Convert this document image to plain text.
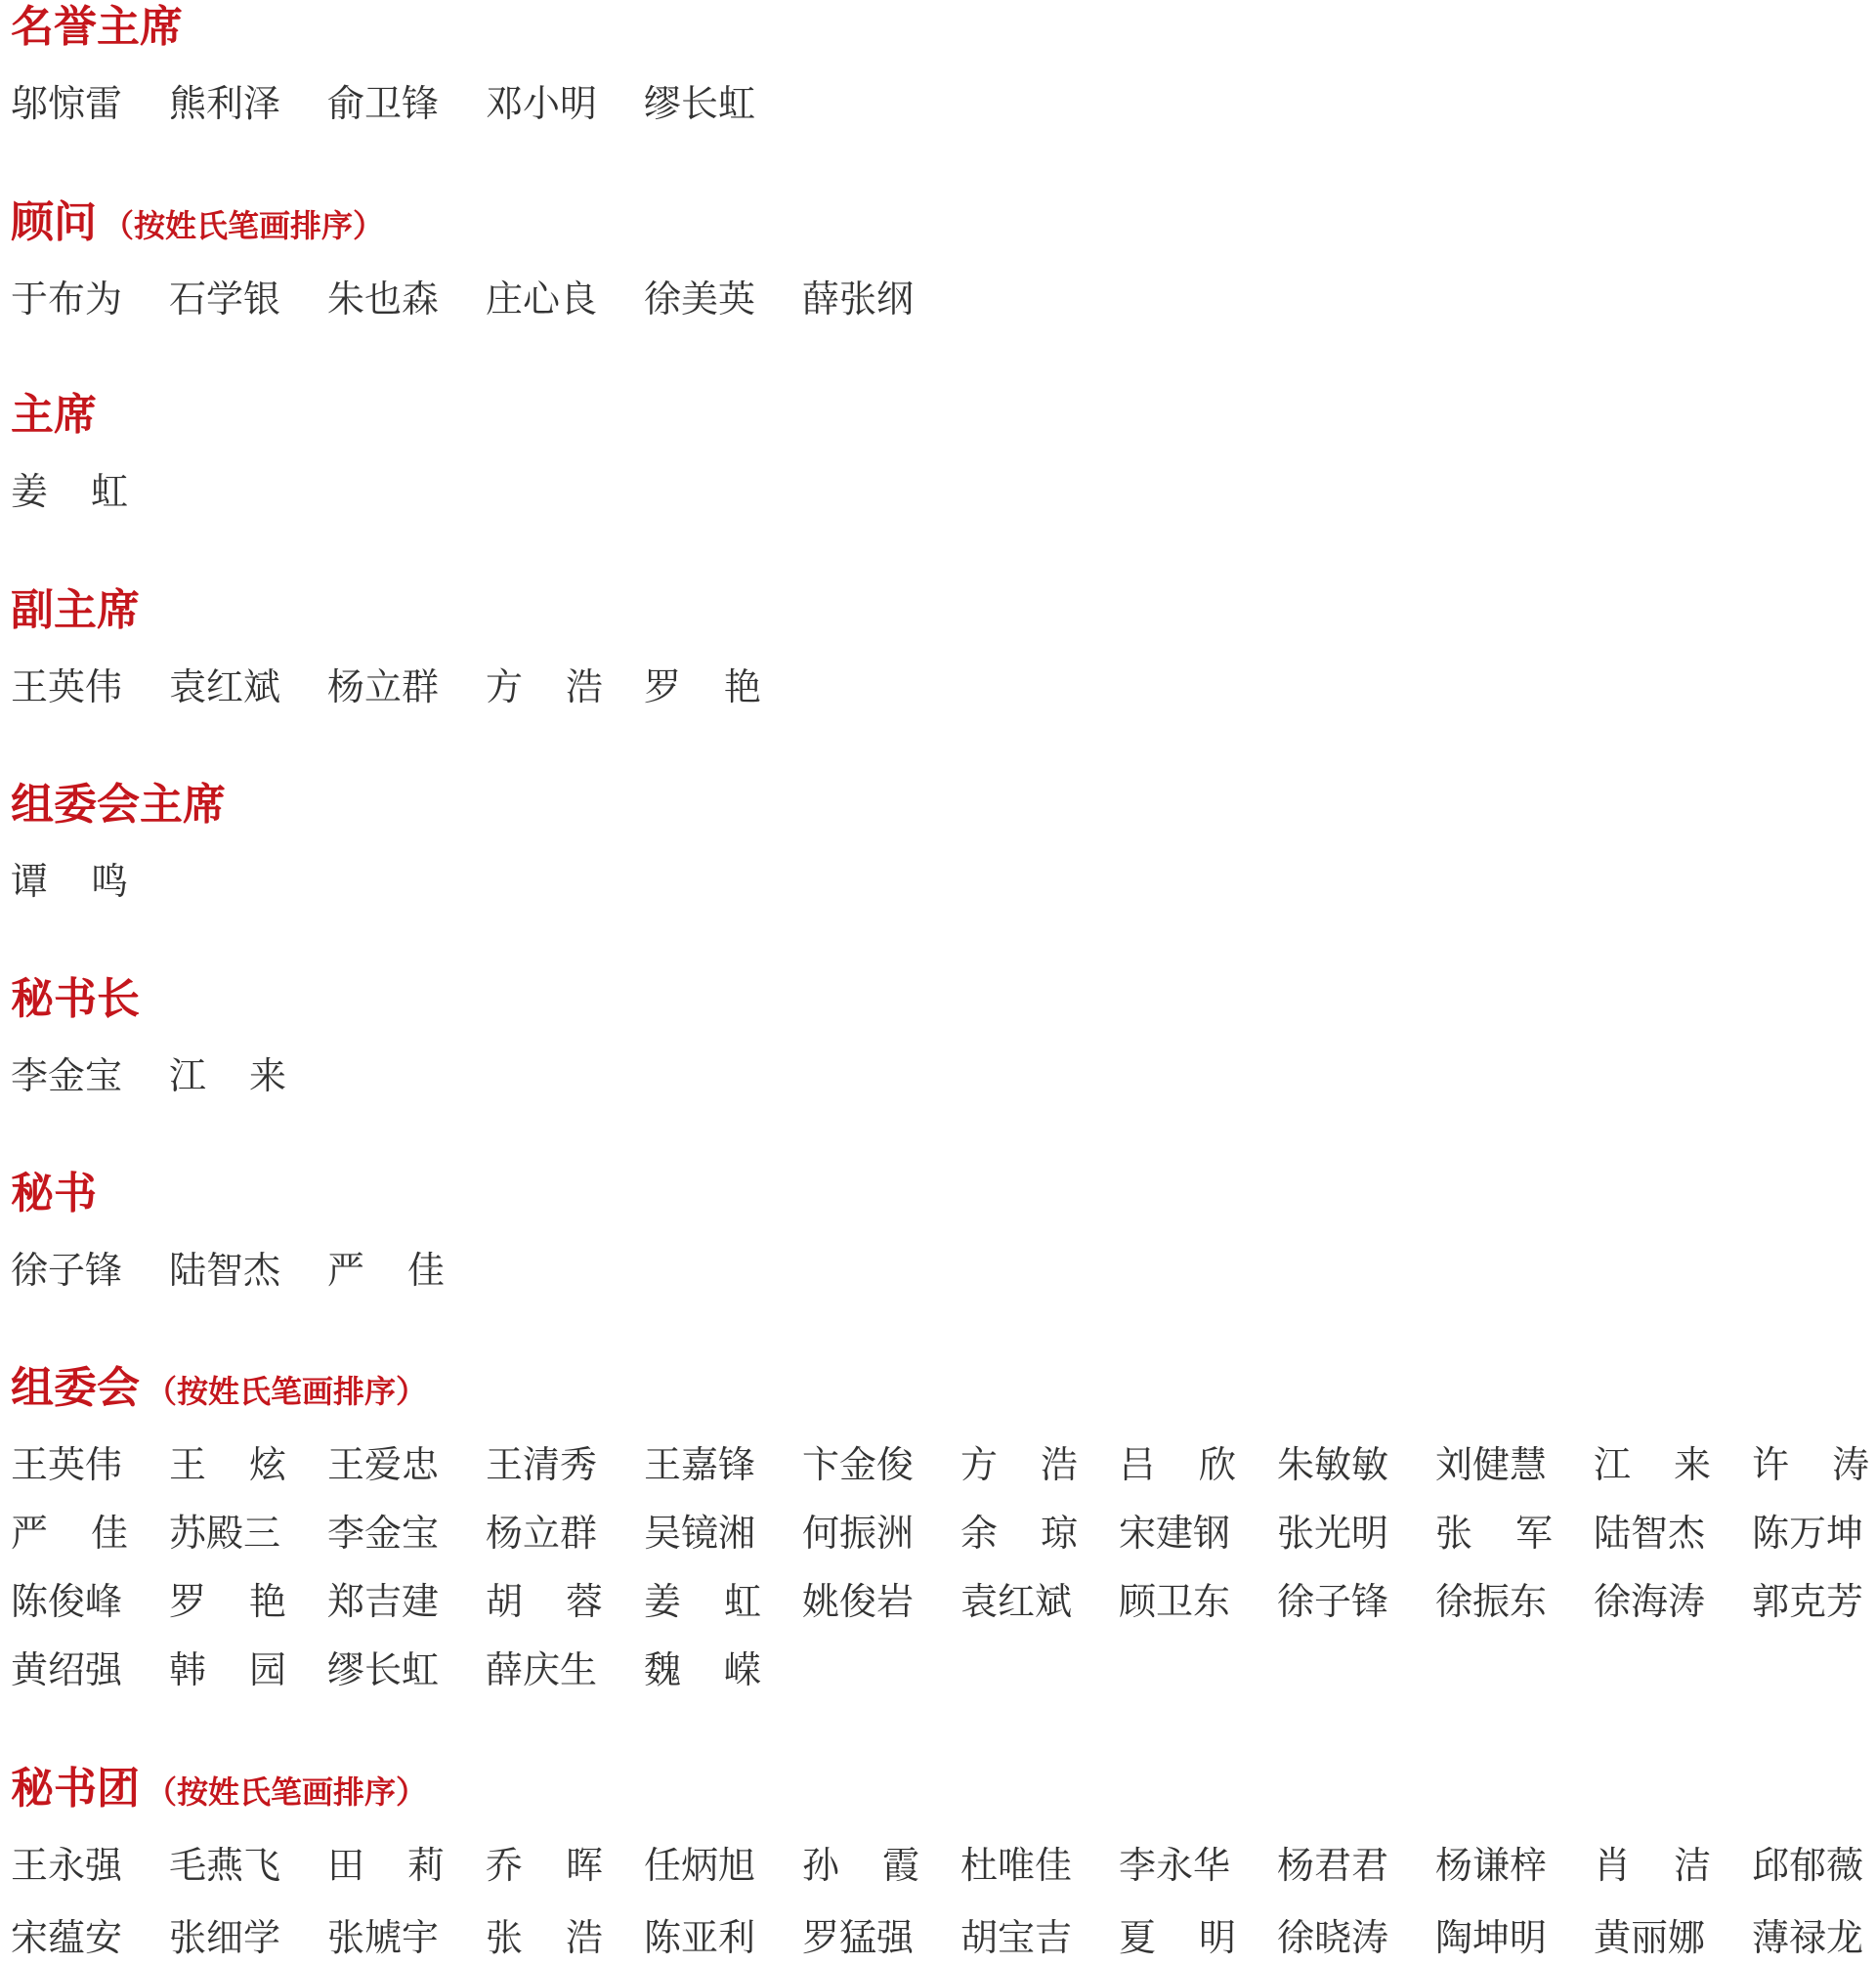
名誉主席
邬惊雷 熊利泽 俞卫锋 邓小明 缪长虹
顾问 （按姓氏笔画排序）
于布为 石学银 朱也森 庄心良 徐美英 薛张纲
主席
姜 虹
副主席
王英伟 袁红斌 杨立群 方 浩 罗 艳
组委会主席
谭 鸣
秘书长
李金宝 江 来
秘书
徐子锋 陆智杰 严 佳
组委会 （按姓氏笔画排序）
王英伟 王 炫 王爱忠 王清秀 王嘉锋 卞金俊 方 浩 吕 欣 朱敏敏 刘健慧 江 来 许 涛
严 佳 苏殿三 李金宝 杨立群 吴镜湘 何振洲 余 琼 宋建钢 张光明 张 军 陆智杰 陈万坤
陈俊峰 罗 艳 郑吉建 胡 蓉 姜 虹 姚俊岩 袁红斌 顾卫东 徐子锋 徐振东 徐海涛 郭克芳
黄绍强 韩 园 缪长虹 薛庆生 魏 嵘
秘书团 （按姓氏笔画排序）
王永强 毛燕飞 田 莉 乔 晖 任炳旭 孙 霞 杜唯佳 李永华 杨君君 杨谦梓 肖 洁 邱郁薇
宋蕴安 张细学 张虓宇 张 浩 陈亚利 罗猛强 胡宝吉 夏 明 徐晓涛 陶坤明 黄丽娜 薄禄龙
